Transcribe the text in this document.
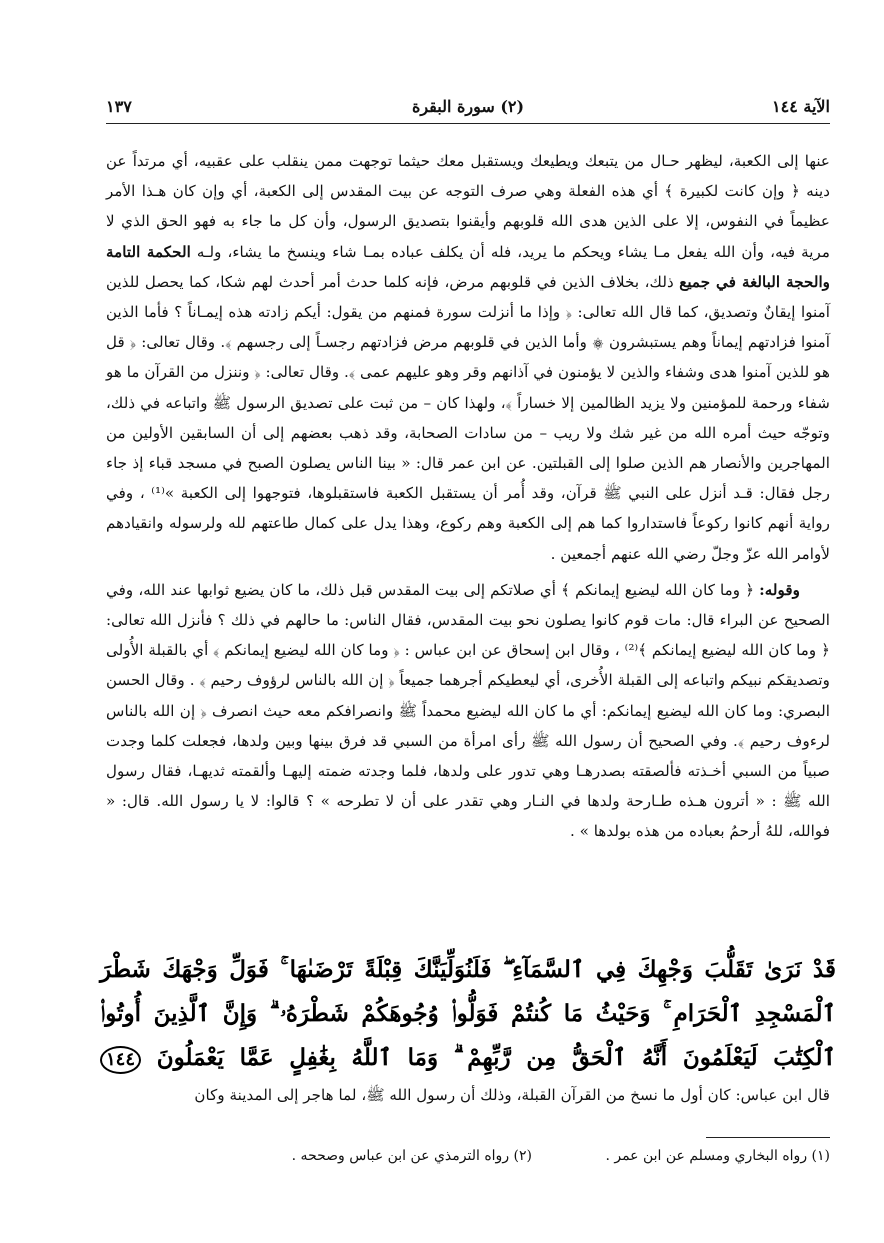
الآية ١٤٤
(٢) سورة البقرة
١٣٧

عنها إلى الكعبة، ليظهر حـال من يتبعك ويطيعك ويستقبل معك حيثما توجهت ممن ينقلب على عقبيه، أي مرتداً عن دينه ﴿ وإن كانت لكبيرة ﴾ أي هذه الفعلة وهي صرف التوجه عن بيت المقدس إلى الكعبة، أي وإن كان هـذا الأمر عظيماً في النفوس، إلا على الذين هدى الله قلوبهم وأيقنوا بتصديق الرسول، وأن كل ما جاء به فهو الحق الذي لا مرية فيه، وأن الله يفعل مـا يشاء ويحكم ما يريد، فله أن يكلف عباده بمـا شاء وينسخ ما يشاء، ولـه الحكمة التامة والحجة البالغة في جميع ذلك، بخلاف الذين في قلوبهم مرض، فإنه كلما حدث أمر أحدث لهم شكا، كما يحصل للذين آمنوا إيقانٌ وتصديق، كما قال الله تعالى: ﴿ وإذا ما أنزلت سورة فمنهم من يقول: أيكم زادته هذه إيمـاناً ؟ فأما الذين آمنوا فزادتهم إيماناً وهم يستبشرون ۞ وأما الذين في قلوبهم مرض فزادتهم رجسـاً إلى رجسهم ﴾. وقال تعالى: ﴿ قل هو للذين آمنوا هدى وشفاء والذين لا يؤمنون في آذانهم وقر وهو عليهم عمى ﴾. وقال تعالى: ﴿ وننزل من القرآن ما هو شفاء ورحمة للمؤمنين ولا يزيد الظالمين إلا خساراً ﴾، ولهذا كان – من ثبت على تصديق الرسول ﷺ واتباعه في ذلك، وتوجّه حيث أمره الله من غير شك ولا ريب – من سادات الصحابة، وقد ذهب بعضهم إلى أن السابقين الأولين من المهاجرين والأنصار هم الذين صلوا إلى القبلتين. عن ابن عمر قال: « بينا الناس يصلون الصبح في مسجد قباء إذ جاء رجل فقال: قـد أنزل على النبي ﷺ قرآن، وقد أُمر أن يستقبل الكعبة فاستقبلوها، فتوجهوا إلى الكعبة »⁽¹⁾ ، وفي رواية أنهم كانوا ركوعاً فاستداروا كما هم إلى الكعبة وهم ركوع، وهذا يدل على كمال طاعتهم لله ولرسوله وانقيادهم لأوامر الله عزّ وجلّ رضي الله عنهم أجمعين .

وقوله: ﴿ وما كان الله ليضيع إيمانكم ﴾ أي صلاتكم إلى بيت المقدس قبل ذلك، ما كان يضيع ثوابها عند الله، وفي الصحيح عن البراء قال: مات قوم كانوا يصلون نحو بيت المقدس، فقال الناس: ما حالهم في ذلك ؟ فأنزل الله تعالى: ﴿ وما كان الله ليضيع إيمانكم ﴾⁽²⁾ ، وقال ابن إسحاق عن ابن عباس : ﴿ وما كان الله ليضيع إيمانكم ﴾ أي بالقبلة الأُولى وتصديقكم نبيكم واتباعه إلى القبلة الأُخرى، أي ليعطيكم أجرهما جميعاً ﴿ إن الله بالناس لرؤوف رحيم ﴾ . وقال الحسن البصري: وما كان الله ليضيع إيمانكم: أي ما كان الله ليضيع محمداً ﷺ وانصرافكم معه حيث انصرف ﴿ إن الله بالناس لرءوف رحيم ﴾. وفي الصحيح أن رسول الله ﷺ رأى امرأة من السبي قد فرق بينها وبين ولدها، فجعلت كلما وجدت صبياً من السبي أخـذته فألصقته بصدرهـا وهي تدور على ولدها، فلما وجدته ضمته إليهـا وألقمته ثديهـا، فقال رسول الله ﷺ : « أترون هـذه طـارحة ولدها في النـار وهي تقدر على أن لا تطرحه » ؟ قالوا: لا يا رسول الله. قال: « فوالله، للهُ أرحمُ بعباده من هذه بولدها » .

قَدْ نَرَىٰ تَقَلُّبَ وَجْهِكَ فِي ٱلسَّمَآءِ ۖ فَلَنُوَلِّيَنَّكَ قِبْلَةً تَرْضَىٰهَا ۚ فَوَلِّ وَجْهَكَ شَطْرَ ٱلْمَسْجِدِ ٱلْحَرَامِ ۚ وَحَيْثُ مَا كُنتُمْ فَوَلُّوا۟ وُجُوهَكُمْ شَطْرَهُۥ ۗ وَإِنَّ ٱلَّذِينَ أُوتُوا۟ ٱلْكِتَٰبَ لَيَعْلَمُونَ أَنَّهُ ٱلْحَقُّ مِن رَّبِّهِمْ ۗ وَمَا ٱللَّهُ بِغَٰفِلٍ عَمَّا يَعْمَلُونَ ١٤٤
قال ابن عباس: كان أول ما نسخ من القرآن القبلة، وذلك أن رسول الله ﷺ، لما هاجر إلى المدينة وكان
(١) رواه البخاري ومسلم عن ابن عمر .
(٢) رواه الترمذي عن ابن عباس وصححه .
